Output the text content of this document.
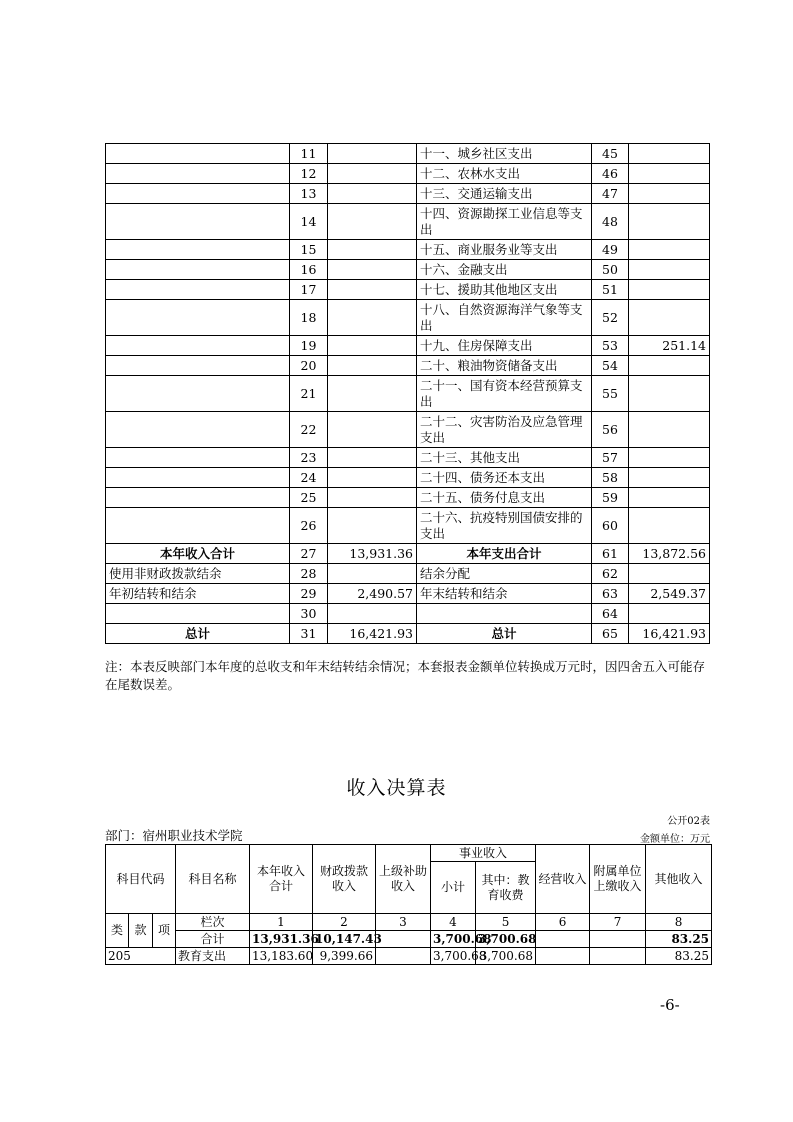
	11		十一、城乡社区支出	45	
	12		十二、农林水支出	46	
	13		十三、交通运输支出	47	
	14		十四、资源勘探工业信息等支出	48	
	15		十五、商业服务业等支出	49	
	16		十六、金融支出	50	
	17		十七、援助其他地区支出	51	
	18		十八、自然资源海洋气象等支出	52	
	19		十九、住房保障支出	53	251.14
	20		二十、粮油物资储备支出	54	
	21		二十一、国有资本经营预算支出	55	
	22		二十二、灾害防治及应急管理支出	56	
	23		二十三、其他支出	57	
	24		二十四、债务还本支出	58	
	25		二十五、债务付息支出	59	
	26		二十六、抗疫特别国债安排的支出	60	
本年收入合计	27	13,931.36	本年支出合计	61	13,872.56
使用非财政拨款结余	28		结余分配	62	
年初结转和结余	29	2,490.57	年末结转和结余	63	2,549.37
	30			64	
总计	31	16,421.93	总计	65	16,421.93
注：本表反映部门本年度的总收支和年末结转结余情况；本套报表金额单位转换成万元时，因四舍五入可能存在尾数误差。
收入决算表
公开02表
部门：宿州职业技术学院	金额单位：万元
科目代码			科目名称	本年收入合计	财政拨款收入	上级补助收入	事业收入		经营收入	附属单位上缴收入	其他收入
							小计	其中：教育收费			
类	款	项	栏次	1	2	3	4	5	6	7	8
			合计	13,931.36	10,147.43		3,700.68	3,700.68			83.25
205			教育支出	13,183.60	9,399.66		3,700.68	3,700.68			83.25
-6-
